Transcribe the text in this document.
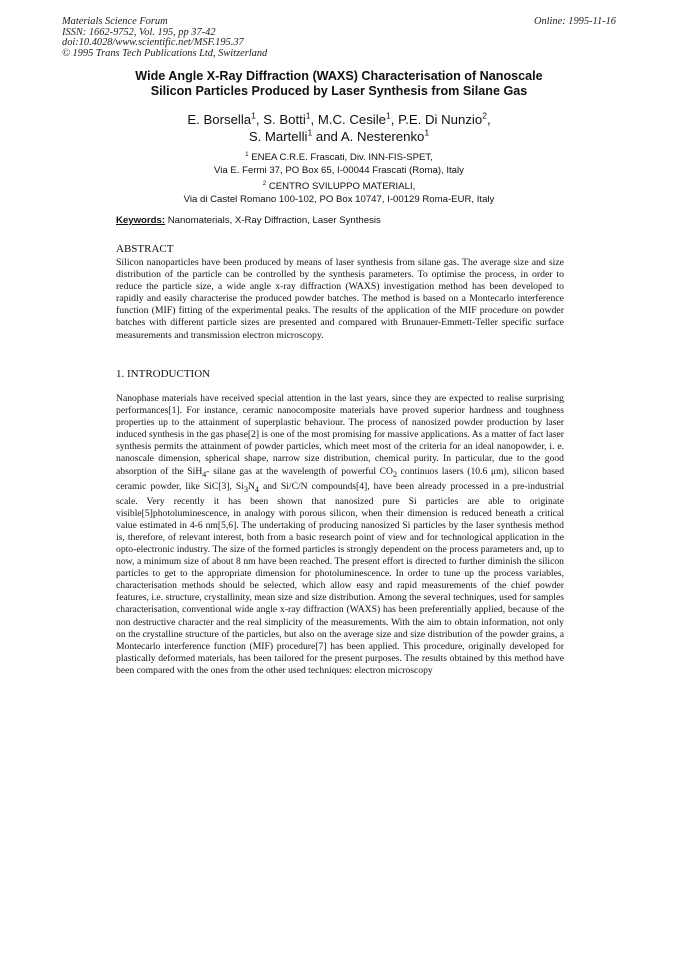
Materials Science Forum
ISSN: 1662-9752, Vol. 195, pp 37-42
doi:10.4028/www.scientific.net/MSF.195.37
© 1995 Trans Tech Publications Ltd, Switzerland
Online: 1995-11-16
Wide Angle X-Ray Diffraction (WAXS) Characterisation of Nanoscale
Silicon Particles Produced by Laser Synthesis from Silane Gas
E. Borsella$^1$, S. Botti$^1$, M.C. Cesile$^1$, P.E. Di Nunzio$^2$,
S. Martelli$^1$ and A. Nesterenko$^1$
$^1$ ENEA C.R.E. Frascati, Div. INN-FIS-SPET,
Via E. Fermi 37, PO Box 65, I-00044 Frascati (Roma), Italy
$^2$ CENTRO SVILUPPO MATERIALI,
Via di Castel Romano 100-102, PO Box 10747, I-00129 Roma-EUR, Italy
Keywords: Nanomaterials, X-Ray Diffraction, Laser Synthesis
ABSTRACT
Silicon nanoparticles have been produced by means of laser synthesis from silane gas. The average size and size distribution of the particle can be controlled by the synthesis parameters. To optimise the process, in order to reduce the particle size, a wide angle x-ray diffraction (WAXS) investigation method has been developed to rapidly and easily characterise the produced powder batches. The method is based on a Montecarlo interference function (MIF) fitting of the experimental peaks. The results of the application of the MIF procedure on powder batches with different particle sizes are presented and compared with Brunauer-Emmett-Teller specific surface measurements and transmission electron microscopy.
1. INTRODUCTION
Nanophase materials have received special attention in the last years, since they are expected to realise surprising performances[1]. For instance, ceramic nanocomposite materials have proved superior hardness and toughness properties up to the attainment of superplastic behaviour. The process of nanosized powder production by laser induced synthesis in the gas phase[2] is one of the most promising for massive applications. As a matter of fact laser synthesis permits the attainment of powder particles, which meet most of the criteria for an ideal nanopowder, i. e. nanoscale dimension, spherical shape, narrow size distribution, chemical purity. In particular, due to the good absorption of the SiH$_4$- silane gas at the wavelength of powerful $CO_2$ continuos lasers (10.6 μm), silicon based ceramic powder, like SiC[3], $Si_3N_4$ and Si/C/N compounds[4], have been already processed in a pre-industrial scale. Very recently it has been shown that nanosized pure Si particles are able to originate visible[5]photoluminescence, in analogy with porous silicon, when their dimension is reduced beneath a critical value estimated in 4-6 nm[5,6]. The undertaking of producing nanosized Si particles by the laser synthesis method is, therefore, of relevant interest, both from a basic research point of view and for technological application in the opto-electronic industry. The size of the formed particles is strongly dependent on the process parameters and, up to now, a minimum size of about 8 nm have been reached. The present effort is directed to further diminish the silicon particles to get to the appropriate dimension for photoluminescence. In order to tune up the process variables, characterisation methods should be selected, which allow easy and rapid measurements of the chief powder features, i.e. structure, crystallinity, mean size and size distribution. Among the several techniques, used for samples characterisation, conventional wide angle x-ray diffraction (WAXS) has been preferentially applied, because of the non destructive character and the real simplicity of the measurements. With the aim to obtain information, not only on the crystalline structure of the particles, but also on the average size and size distribution of the powder grains, a Montecarlo interference function (MIF) procedure[7] has been applied. This procedure, originally developed for plastically deformed materials, has been tailored for the present purposes. The results obtained by this method have been compared with the ones from the other used techniques: electron microscopy
